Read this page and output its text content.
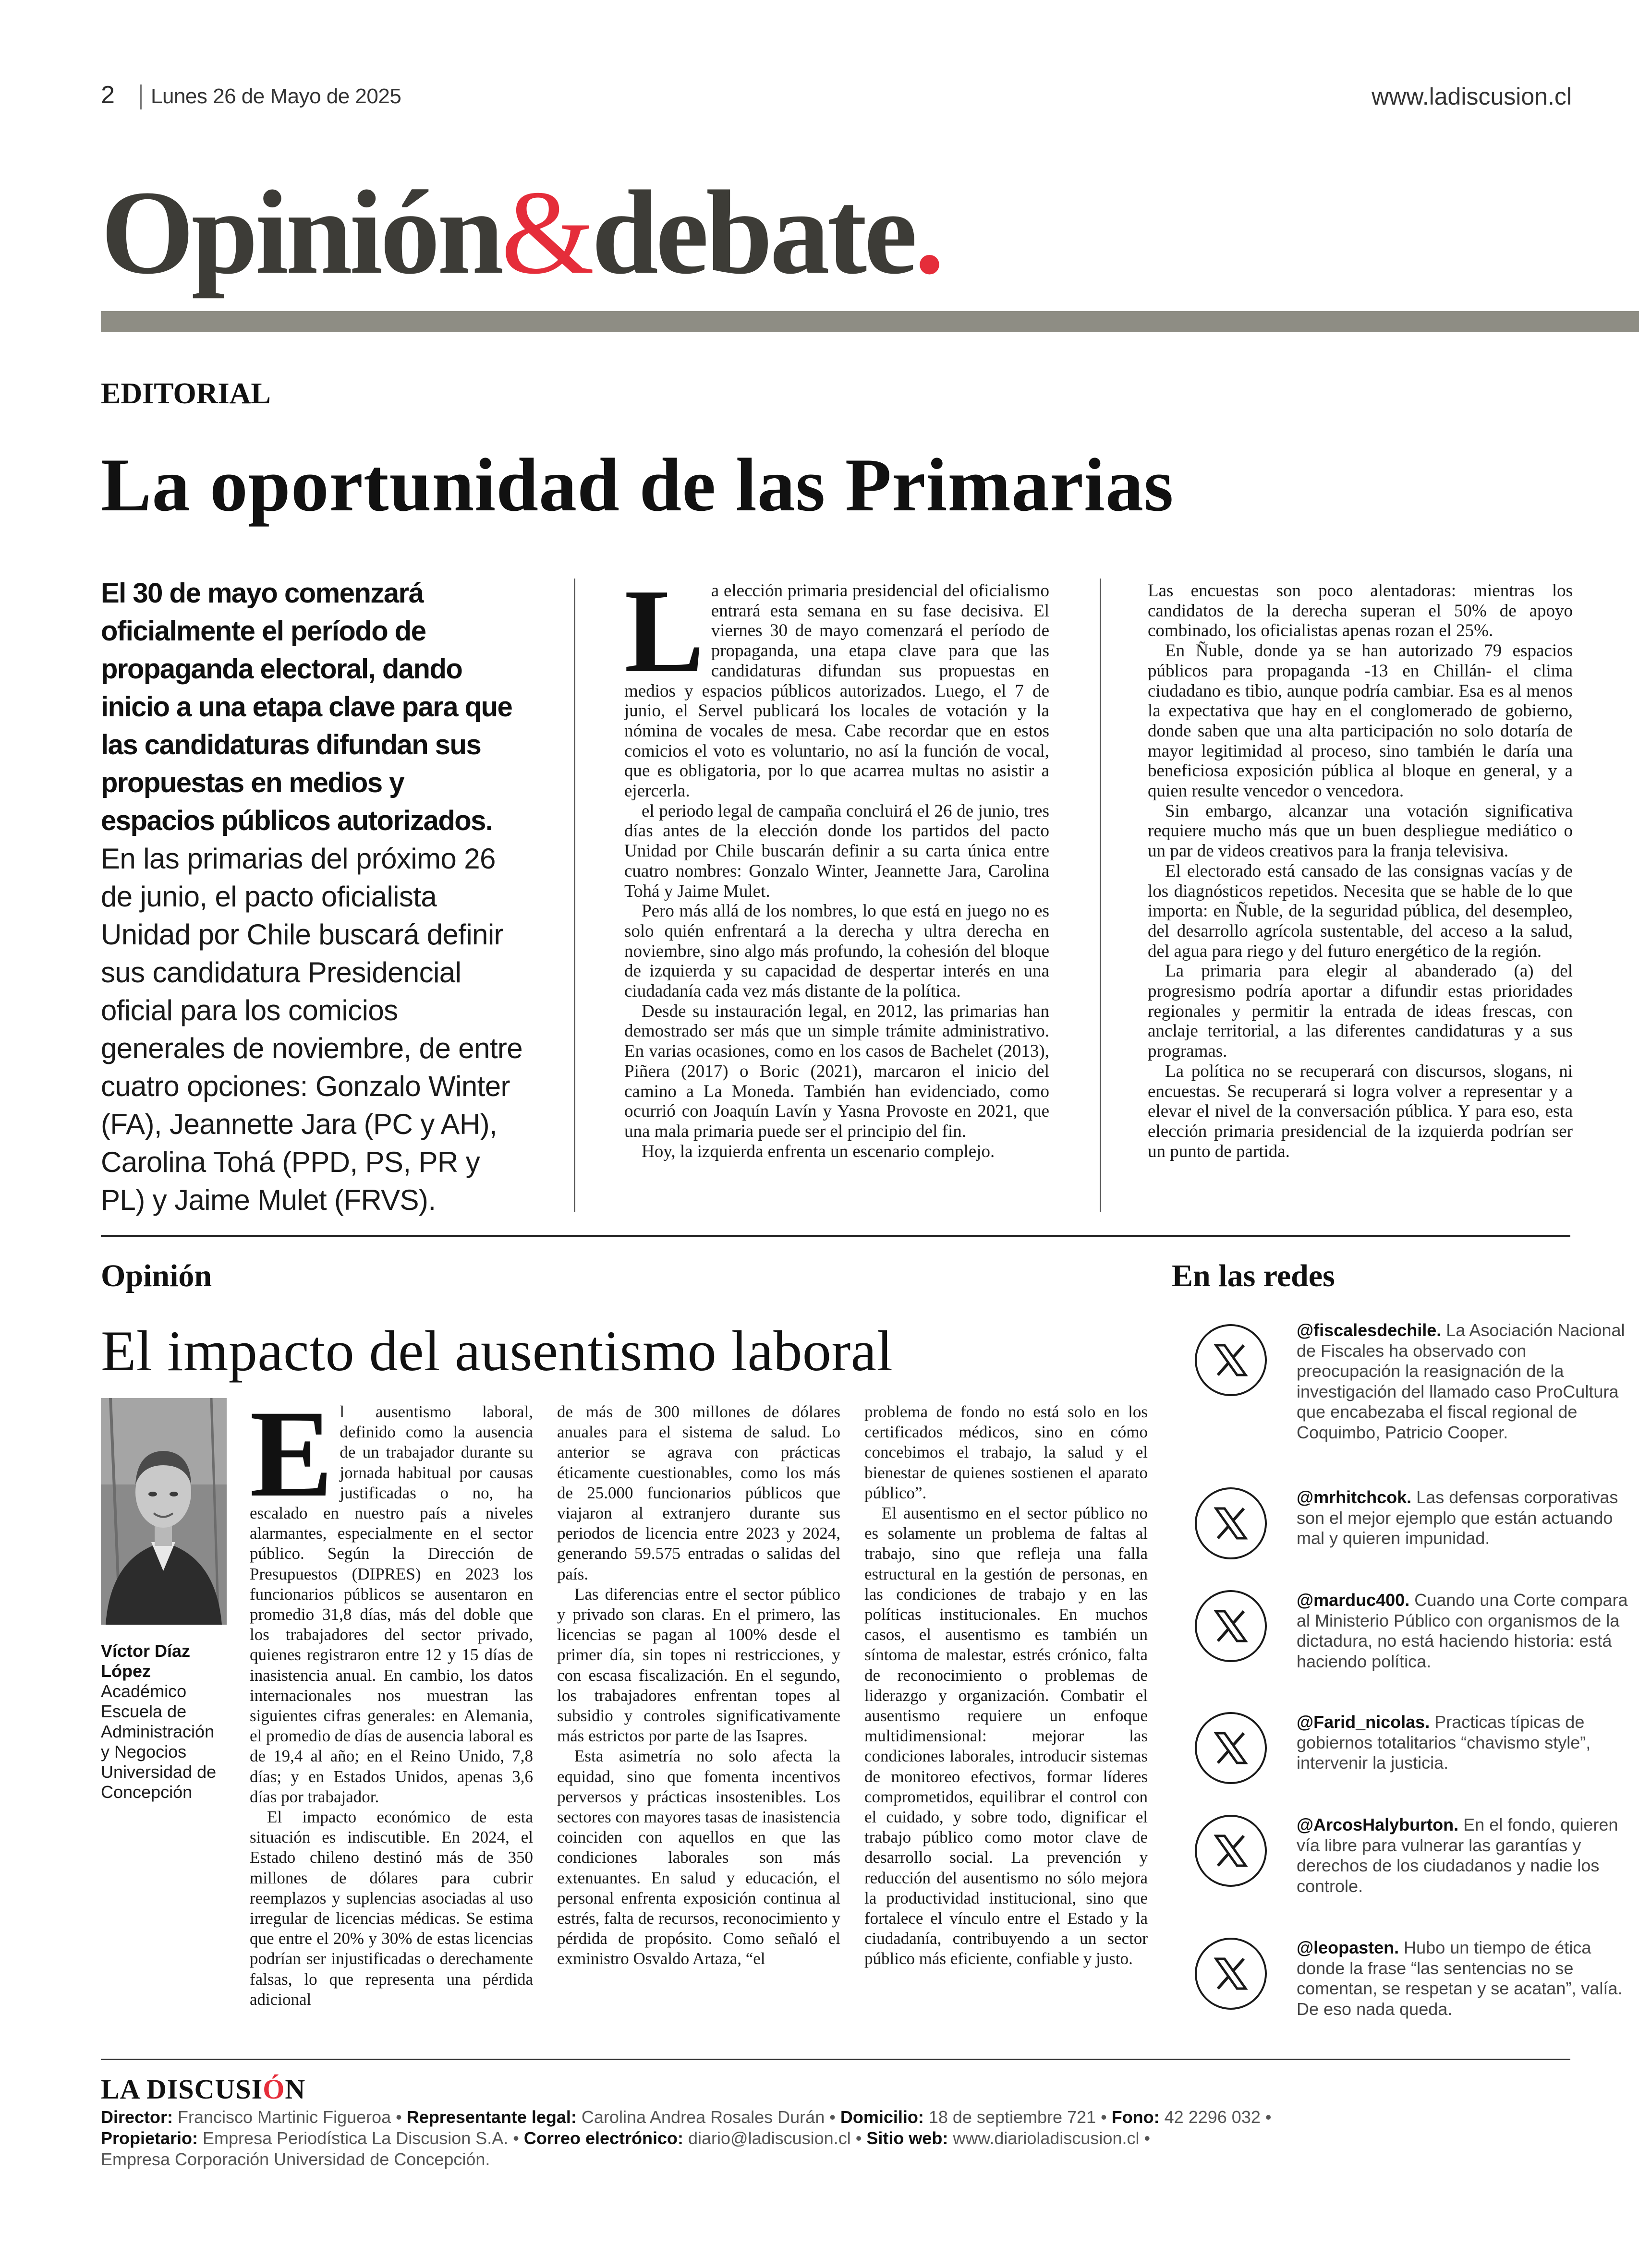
2 Lunes 26 de Mayo de 2025	www.ladiscusion.cl
Opinión&debate.
EDITORIAL
La oportunidad de las Primarias
El 30 de mayo comenzará oficialmente el período de propaganda electoral, dando inicio a una etapa clave para que las candidaturas difundan sus propuestas en medios y espacios públicos autorizados.
En las primarias del próximo 26 de junio, el pacto oficialista Unidad por Chile buscará definir sus candidatura Presidencial oficial para los comicios generales de noviembre, de entre cuatro opciones: Gonzalo Winter (FA), Jeannette Jara (PC y AH), Carolina Tohá (PPD, PS, PR y PL) y Jaime Mulet (FRVS).
L a elección primaria presidencial del oficialismo entrará esta semana en su fase decisiva. El viernes 30 de mayo comenzará el período de propaganda, una etapa clave para que las candidaturas difundan sus propuestas en medios y espacios públicos autorizados. Luego, el 7 de junio, el Servel publicará los locales de votación y la nómina de vocales de mesa. Cabe recordar que en estos comicios el voto es voluntario, no así la función de vocal, que es obligatoria, por lo que acarrea multas no asistir a ejercerla.

el periodo legal de campaña concluirá el 26 de junio, tres días antes de la elección donde los partidos del pacto Unidad por Chile buscarán definir a su carta única entre cuatro nombres: Gonzalo Winter, Jeannette Jara, Carolina Tohá y Jaime Mulet.

Pero más allá de los nombres, lo que está en juego no es solo quién enfrentará a la derecha y ultra derecha en noviembre, sino algo más profundo, la cohesión del bloque de izquierda y su capacidad de despertar interés en una ciudadanía cada vez más distante de la política.

Desde su instauración legal, en 2012, las primarias han demostrado ser más que un simple trámite administrativo. En varias ocasiones, como en los casos de Bachelet (2013), Piñera (2017) o Boric (2021), marcaron el inicio del camino a La Moneda. También han evidenciado, como ocurrió con Joaquín Lavín y Yasna Provoste en 2021, que una mala primaria puede ser el principio del fin.

Hoy, la izquierda enfrenta un escenario complejo.

Las encuestas son poco alentadoras: mientras los candidatos de la derecha superan el 50% de apoyo combinado, los oficialistas apenas rozan el 25%.

En Ñuble, donde ya se han autorizado 79 espacios públicos para propaganda -13 en Chillán- el clima ciudadano es tibio, aunque podría cambiar. Esa es al menos la expectativa que hay en el conglomerado de gobierno, donde saben que una alta participación no solo dotaría de mayor legitimidad al proceso, sino también le daría una beneficiosa exposición pública al bloque en general, y a quien resulte vencedor o vencedora.

Sin embargo, alcanzar una votación significativa requiere mucho más que un buen despliegue mediático o un par de videos creativos para la franja televisiva.

El electorado está cansado de las consignas vacías y de los diagnósticos repetidos. Necesita que se hable de lo que importa: en Ñuble, de la seguridad pública, del desempleo, del desarrollo agrícola sustentable, del acceso a la salud, del agua para riego y del futuro energético de la región.

La primaria para elegir al abanderado (a) del progresismo podría aportar a difundir estas prioridades regionales y permitir la entrada de ideas frescas, con anclaje territorial, a las diferentes candidaturas y a sus programas.

La política no se recuperará con discursos, slogans, ni encuestas. Se recuperará si logra volver a representar y a elevar el nivel de la conversación pública. Y para eso, esta elección primaria presidencial de la izquierda podrían ser un punto de partida.

Opinión
El impacto del ausentismo laboral
Víctor Díaz López
Académico Escuela de Administración y Negocios Universidad de Concepción
E l ausentismo laboral, definido como la ausencia de un trabajador durante su jornada habitual por causas justificadas o no, ha escalado en nuestro país a niveles alarmantes, especialmente en el sector público. Según la Dirección de Presupuestos (DIPRES) en 2023 los funcionarios públicos se ausentaron en promedio 31,8 días, más del doble que los trabajadores del sector privado, quienes registraron entre 12 y 15 días de inasistencia anual. En cambio, los datos internacionales nos muestran las siguientes cifras generales: en Alemania, el promedio de días de ausencia laboral es de 19,4 al año; en el Reino Unido, 7,8 días; y en Estados Unidos, apenas 3,6 días por trabajador.

El impacto económico de esta situación es indiscutible. En 2024, el Estado chileno destinó más de 350 millones de dólares para cubrir reemplazos y suplencias asociadas al uso irregular de licencias médicas. Se estima que entre el 20% y 30% de estas licencias podrían ser injustificadas o derechamente falsas, lo que representa una pérdida adicional

de más de 300 millones de dólares anuales para el sistema de salud. Lo anterior se agrava con prácticas éticamente cuestionables, como los más de 25.000 funcionarios públicos que viajaron al extranjero durante sus periodos de licencia entre 2023 y 2024, generando 59.575 entradas o salidas del país.

Las diferencias entre el sector público y privado son claras. En el primero, las licencias se pagan al 100% desde el primer día, sin topes ni restricciones, y con escasa fiscalización. En el segundo, los trabajadores enfrentan topes al subsidio y controles significativamente más estrictos por parte de las Isapres.

Esta asimetría no solo afecta la equidad, sino que fomenta incentivos perversos y prácticas insostenibles. Los sectores con mayores tasas de inasistencia coinciden con aquellos en que las condiciones laborales son más extenuantes. En salud y educación, el personal enfrenta exposición continua al estrés, falta de recursos, reconocimiento y pérdida de propósito. Como señaló el exministro Osvaldo Artaza, “el

problema de fondo no está solo en los certificados médicos, sino en cómo concebimos el trabajo, la salud y el bienestar de quienes sostienen el aparato público”.

El ausentismo en el sector público no es solamente un problema de faltas al trabajo, sino que refleja una falla estructural en la gestión de personas, en las condiciones de trabajo y en las políticas institucionales. En muchos casos, el ausentismo es también un síntoma de malestar, estrés crónico, falta de reconocimiento o problemas de liderazgo y organización. Combatir el ausentismo requiere un enfoque multidimensional: mejorar las condiciones laborales, introducir sistemas de monitoreo efectivos, formar líderes comprometidos, equilibrar el control con el cuidado, y sobre todo, dignificar el trabajo público como motor clave de desarrollo social. La prevención y reducción del ausentismo no sólo mejora la productividad institucional, sino que fortalece el vínculo entre el Estado y la ciudadanía, contribuyendo a un sector público más eficiente, confiable y justo.

En las redes
@fiscalesdechile. La Asociación Nacional de Fiscales ha observado con preocupación la reasignación de la investigación del llamado caso ProCultura que encabezaba el fiscal regional de Coquimbo, Patricio Cooper.
@mrhitchcok. Las defensas corporativas son el mejor ejemplo que están actuando mal y quieren impunidad.
@marduc400. Cuando una Corte compara al Ministerio Público con organismos de la dictadura, no está haciendo historia: está haciendo política.
@Farid_nicolas. Practicas típicas de gobiernos totalitarios “chavismo style”, intervenir la justicia.
@ArcosHalyburton. En el fondo, quieren vía libre para vulnerar las garantías y derechos de los ciudadanos y nadie los controle.
@leopasten. Hubo un tiempo de ética donde la frase “las sentencias no se comentan, se respetan y se acatan”, valía. De eso nada queda.
LA DISCUSIÓN
Director: Francisco Martinic Figueroa • Representante legal: Carolina Andrea Rosales Durán • Domicilio: 18 de septiembre 721 • Fono: 42 2296 032 •
Propietario: Empresa Periodística La Discusion S.A. • Correo electrónico: diario@ladiscusion.cl • Sitio web: www.diarioladiscusion.cl •
Empresa Corporación Universidad de Concepción.
